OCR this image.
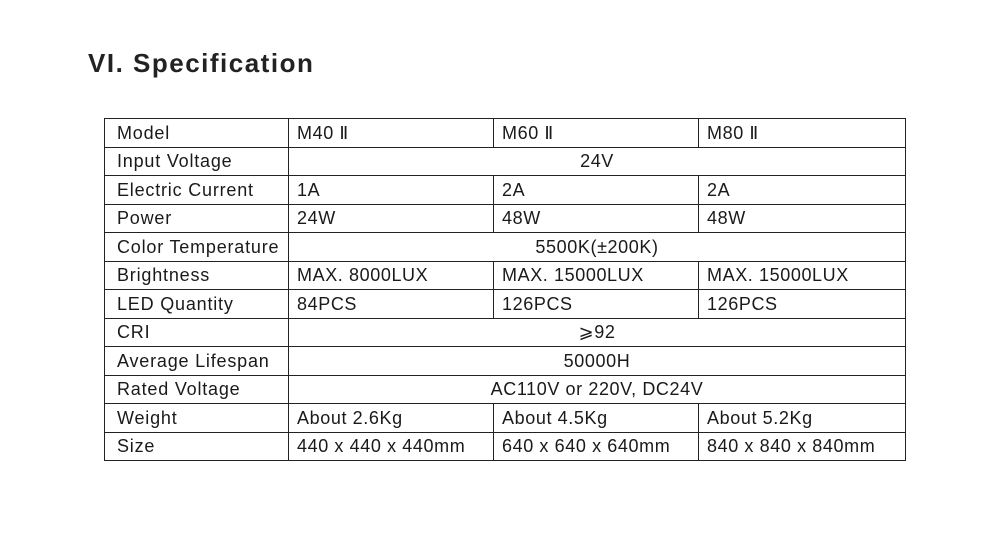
VI. Specification
Model	M40 Ⅱ	M60 Ⅱ	M80 Ⅱ
Input Voltage	24V		
Electric Current	1A	2A	2A
Power	24W	48W	48W
Color Temperature	5500K(±200K)		
Brightness	MAX. 8000LUX	MAX. 15000LUX	MAX. 15000LUX
LED Quantity	84PCS	126PCS	126PCS
CRI	⩾92		
Average Lifespan	50000H		
Rated Voltage	AC110V or 220V, DC24V		
Weight	About 2.6Kg	About 4.5Kg	About 5.2Kg
Size	440 x 440 x 440mm	640 x 640 x 640mm	840 x 840 x 840mm
